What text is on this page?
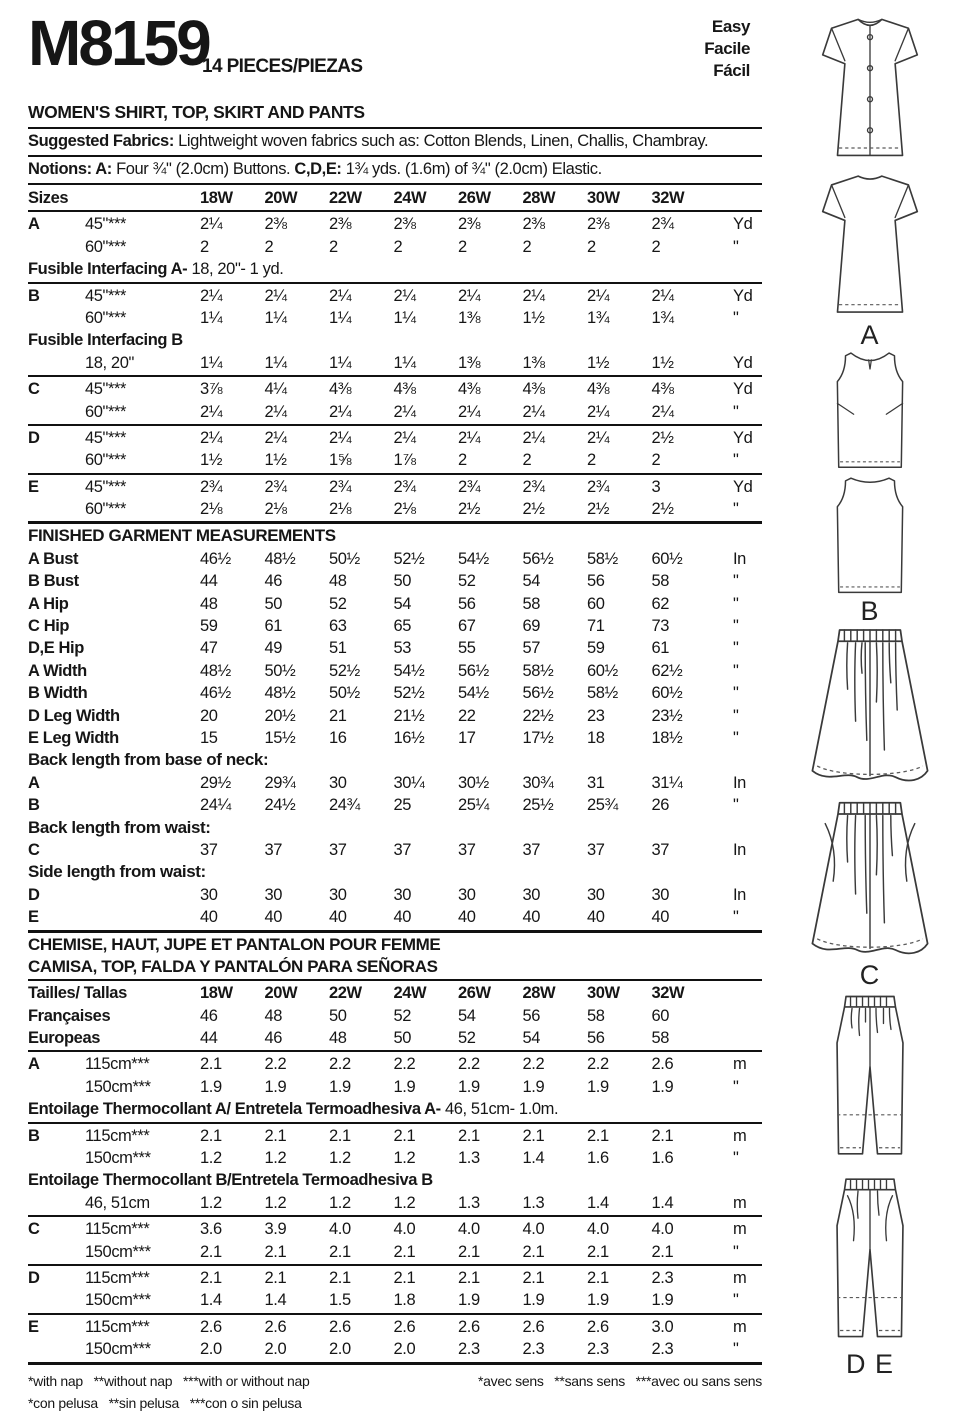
M8159
14 PIECES/PIEZAS
Easy
Facile
Fácil
WOMEN'S SHIRT, TOP, SKIRT AND PANTS
Suggested Fabrics: Lightweight woven fabrics such as: Cotton Blends, Linen, Challis, Chambray.
Notions: A: Four ¾" (2.0cm) Buttons. C,D,E: 1¾ yds. (1.6m) of ¾" (2.0cm) Elastic.
Sizes	18W	20W	22W	24W	26W	28W	30W	32W
A	45"***	2¼	2⅜	2⅜	2⅜	2⅜	2⅜	2⅜	2¾	Yd
60"***	2	2	2	2	2	2	2	2	"
Fusible Interfacing A- 18, 20"- 1 yd.
B	45"***	2¼	2¼	2¼	2¼	2¼	2¼	2¼	2¼	Yd
60"***	1¼	1¼	1¼	1¼	1⅜	1½	1¾	1¾	"
Fusible Interfacing B
18, 20"	1¼	1¼	1¼	1¼	1⅜	1⅜	1½	1½	Yd
C	45"***	3⅞	4¼	4⅜	4⅜	4⅜	4⅜	4⅜	4⅜	Yd
60"***	2¼	2¼	2¼	2¼	2¼	2¼	2¼	2¼	"
D	45"***	2¼	2¼	2¼	2¼	2¼	2¼	2¼	2½	Yd
60"***	1½	1½	1⅝	1⅞	2	2	2	2	"
E	45"***	2¾	2¾	2¾	2¾	2¾	2¾	2¾	3	Yd
60"***	2⅛	2⅛	2⅛	2⅛	2½	2½	2½	2½	"
FINISHED GARMENT MEASUREMENTS
A Bust	46½	48½	50½	52½	54½	56½	58½	60½	In
B Bust	44	46	48	50	52	54	56	58	"
A Hip	48	50	52	54	56	58	60	62	"
C Hip	59	61	63	65	67	69	71	73	"
D,E Hip	47	49	51	53	55	57	59	61	"
A Width	48½	50½	52½	54½	56½	58½	60½	62½	"
B Width	46½	48½	50½	52½	54½	56½	58½	60½	"
D Leg Width	20	20½	21	21½	22	22½	23	23½	"
E Leg Width	15	15½	16	16½	17	17½	18	18½	"
Back length from base of neck:
A	29½	29¾	30	30¼	30½	30¾	31	31¼	In
B	24¼	24½	24¾	25	25¼	25½	25¾	26	"
Back length from waist:
C	37	37	37	37	37	37	37	37	In
Side length from waist:
D	30	30	30	30	30	30	30	30	In
E	40	40	40	40	40	40	40	40	"
CHEMISE, HAUT, JUPE ET PANTALON POUR FEMME
CAMISA, TOP, FALDA Y PANTALÓN PARA SEÑORAS
Tailles/ Tallas	18W	20W	22W	24W	26W	28W	30W	32W
Françaises	46	48	50	52	54	56	58	60
Europeas	44	46	48	50	52	54	56	58
A	115cm***	2.1	2.2	2.2	2.2	2.2	2.2	2.2	2.6	m
150cm***	1.9	1.9	1.9	1.9	1.9	1.9	1.9	1.9	"
Entoilage Thermocollant A/ Entretela Termoadhesiva A- 46, 51cm- 1.0m.
B	115cm***	2.1	2.1	2.1	2.1	2.1	2.1	2.1	2.1	m
150cm***	1.2	1.2	1.2	1.2	1.3	1.4	1.6	1.6	"
Entoilage Thermocollant B/Entretela Termoadhesiva B
46, 51cm	1.2	1.2	1.2	1.2	1.3	1.3	1.4	1.4	m
C	115cm***	3.6	3.9	4.0	4.0	4.0	4.0	4.0	4.0	m
150cm***	2.1	2.1	2.1	2.1	2.1	2.1	2.1	2.1	"
D	115cm***	2.1	2.1	2.1	2.1	2.1	2.1	2.1	2.3	m
150cm***	1.4	1.4	1.5	1.8	1.9	1.9	1.9	1.9	"
E	115cm***	2.6	2.6	2.6	2.6	2.6	2.6	2.6	3.0	m
150cm***	2.0	2.0	2.0	2.0	2.3	2.3	2.3	2.3	"
*with nap   **without nap   ***with or without nap	*avec sens   **sans sens   ***avec ou sans sens
*con pelusa   **sin pelusa   ***con o sin pelusa
A
B
C
D E
